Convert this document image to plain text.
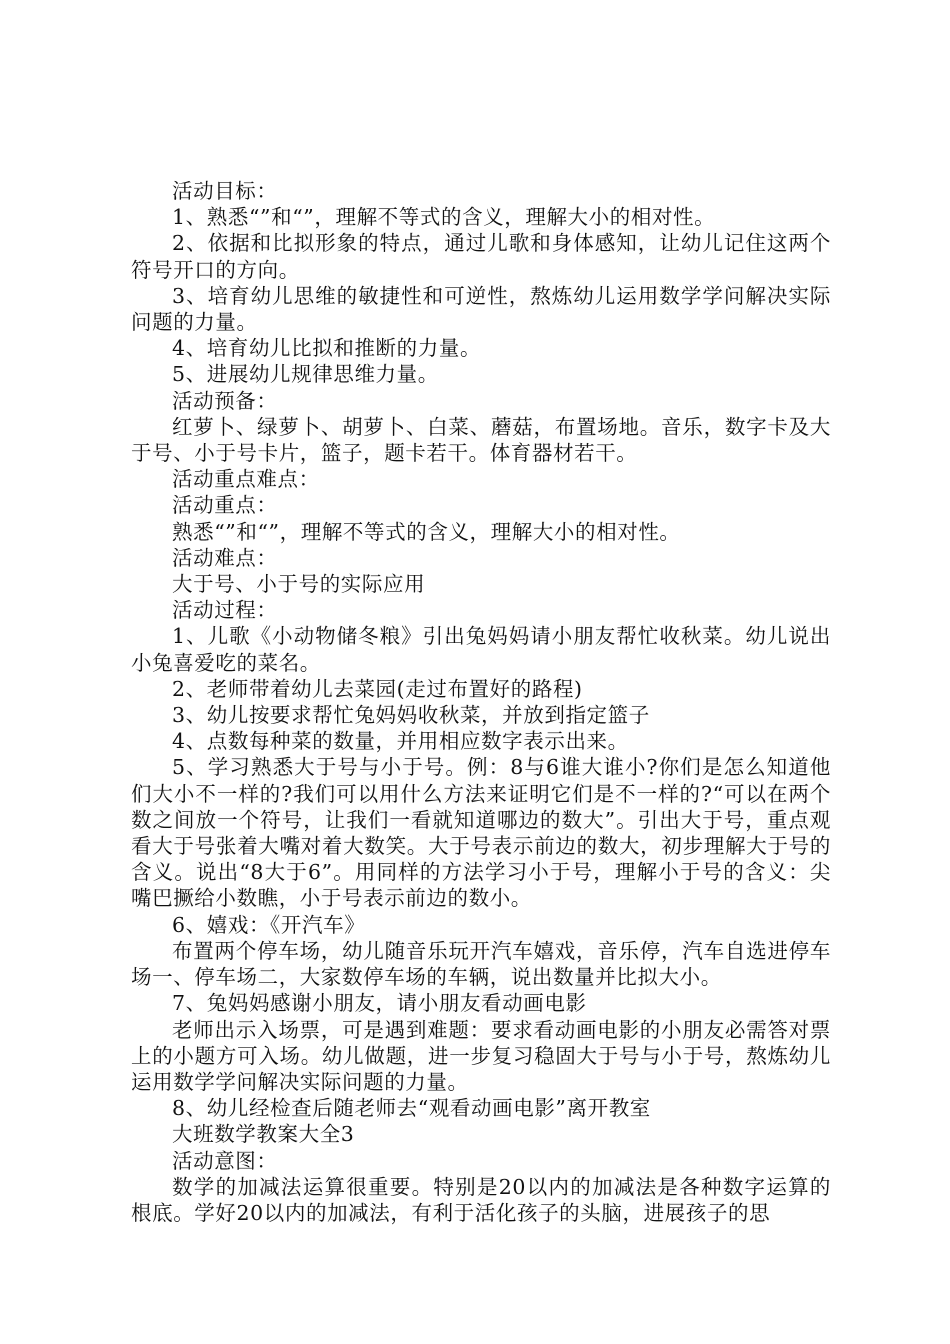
活动目标：

1、熟悉“”和“”，理解不等式的含义，理解大小的相对性。

2、依据和比拟形象的特点，通过儿歌和身体感知，让幼儿记住这两个 符号开口的方向。

3、培育幼儿思维的敏捷性和可逆性，熬炼幼儿运用数学学问解决实际问题的力量。

4、培育幼儿比拟和推断的力量。

5、进展幼儿规律思维力量。

活动预备：

红萝卜、绿萝卜、胡萝卜、白菜、蘑菇，布置场地。音乐，数字卡及大于号、小于号卡片，篮子，题卡若干。体育器材若干。

活动重点难点：

活动重点：

熟悉“”和“”，理解不等式的含义，理解大小的相对性。

活动难点：

大于号、小于号的实际应用

活动过程：

1、儿歌《小动物储冬粮》引出兔妈妈请小朋友帮忙收秋菜。幼儿说出小兔喜爱吃的菜名。

2、老师带着幼儿去菜园(走过布置好的路程)

3、幼儿按要求帮忙兔妈妈收秋菜，并放到指定篮子

4、点数每种菜的数量，并用相应数字表示出来。

5、学习熟悉大于号与小于号。例：8与6谁大谁小?你们是怎么知道他们大小不一样的?我们可以用什么方法来证明它们是不一样的?“可以在两个数之间放一个符号，让我们一看就知道哪边的数大”。引出大于号，重点观看大于号张着大嘴对着大数笑。大于号表示前边的数大，初步理解大于号的含义。说出“8大于6”。用同样的方法学习小于号，理解小于号的含义：尖嘴巴撅给小数瞧，小于号表示前边的数小。

6、嬉戏：《开汽车》

布置两个停车场，幼儿随音乐玩开汽车嬉戏，音乐停，汽车自选进停车场一、停车场二，大家数停车场的车辆，说出数量并比拟大小。

7、兔妈妈感谢小朋友，请小朋友看动画电影

老师出示入场票，可是遇到难题：要求看动画电影的小朋友必需答对票上的小题方可入场。幼儿做题，进一步复习稳固大于号与小于号，熬炼幼儿运用数学学问解决实际问题的力量。

8、幼儿经检查后随老师去“观看动画电影”离开教室

大班数学教案大全3

活动意图：

数学的加减法运算很重要。特别是20以内的加减法是各种数字运算的根底。学好20以内的加减法，有利于活化孩子的头脑，进展孩子的思
